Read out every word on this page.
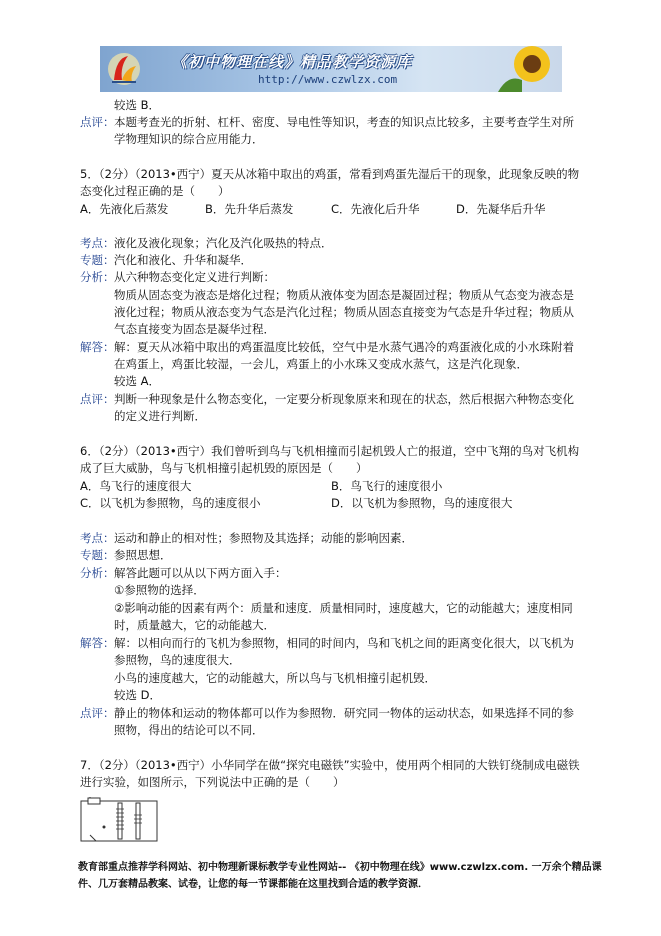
《初中物理在线》精品教学资源库
http://www.czwlzx.com
较选 B．
点评： 本题考查光的折射、杠杆、密度、导电性等知识，考查的知识点比较多，主要考查学生对所
学物理知识的综合应用能力．
5．（2分）（2013•西宁）夏天从冰箱中取出的鸡蛋，常看到鸡蛋先湿后干的现象，此现象反映的物
态变化过程正确的是（　　）
A．先液化后蒸发	B．先升华后蒸发	C．先液化后升华	D．先凝华后升华
考点： 液化及液化现象；汽化及汽化吸热的特点．
专题： 汽化和液化、升华和凝华．
分析： 从六种物态变化定义进行判断：
物质从固态变为液态是熔化过程；物质从液体变为固态是凝固过程；物质从气态变为液态是
液化过程；物质从液态变为气态是汽化过程；物质从固态直接变为气态是升华过程；物质从
气态直接变为固态是凝华过程．
解答： 解：夏天从冰箱中取出的鸡蛋温度比较低，空气中是水蒸气遇冷的鸡蛋液化成的小水珠附着
在鸡蛋上，鸡蛋比较湿，一会儿，鸡蛋上的小水珠又变成水蒸气，这是汽化现象．
较选 A．
点评： 判断一种现象是什么物态变化，一定要分析现象原来和现在的状态，然后根据六种物态变化
的定义进行判断．
6．（2分）（2013•西宁）我们曾听到鸟与飞机相撞而引起机毁人亡的报道，空中飞翔的鸟对飞机构
成了巨大威胁，鸟与飞机相撞引起机毁的原因是（　　）
A．鸟飞行的速度很大	B．鸟飞行的速度很小
C．以飞机为参照物，鸟的速度很小	D．以飞机为参照物，鸟的速度很大
考点： 运动和静止的相对性；参照物及其选择；动能的影响因素．
专题： 参照思想．
分析： 解答此题可以从以下两方面入手：
①参照物的选择．
②影响动能的因素有两个：质量和速度．质量相同时，速度越大，它的动能越大；速度相同
时，质量越大，它的动能越大．
解答： 解：以相向而行的飞机为参照物，相同的时间内，鸟和飞机之间的距离变化很大，以飞机为
参照物，鸟的速度很大．
小鸟的速度越大，它的动能越大，所以鸟与飞机相撞引起机毁．
较选 D．
点评： 静止的物体和运动的物体都可以作为参照物．研究同一物体的运动状态，如果选择不同的参
照物，得出的结论可以不同．
7．（2分）（2013•西宁）小华同学在做“探究电磁铁”实验中，使用两个相同的大铁钉绕制成电磁铁
进行实验，如图所示，下列说法中正确的是（　　）
教育部重点推荐学科网站、初中物理新课标教学专业性网站-- 《初中物理在线》www.czwlzx.com. 一万余个精品课
件、几万套精品教案、试卷，让您的每一节课都能在这里找到合适的教学资源．
